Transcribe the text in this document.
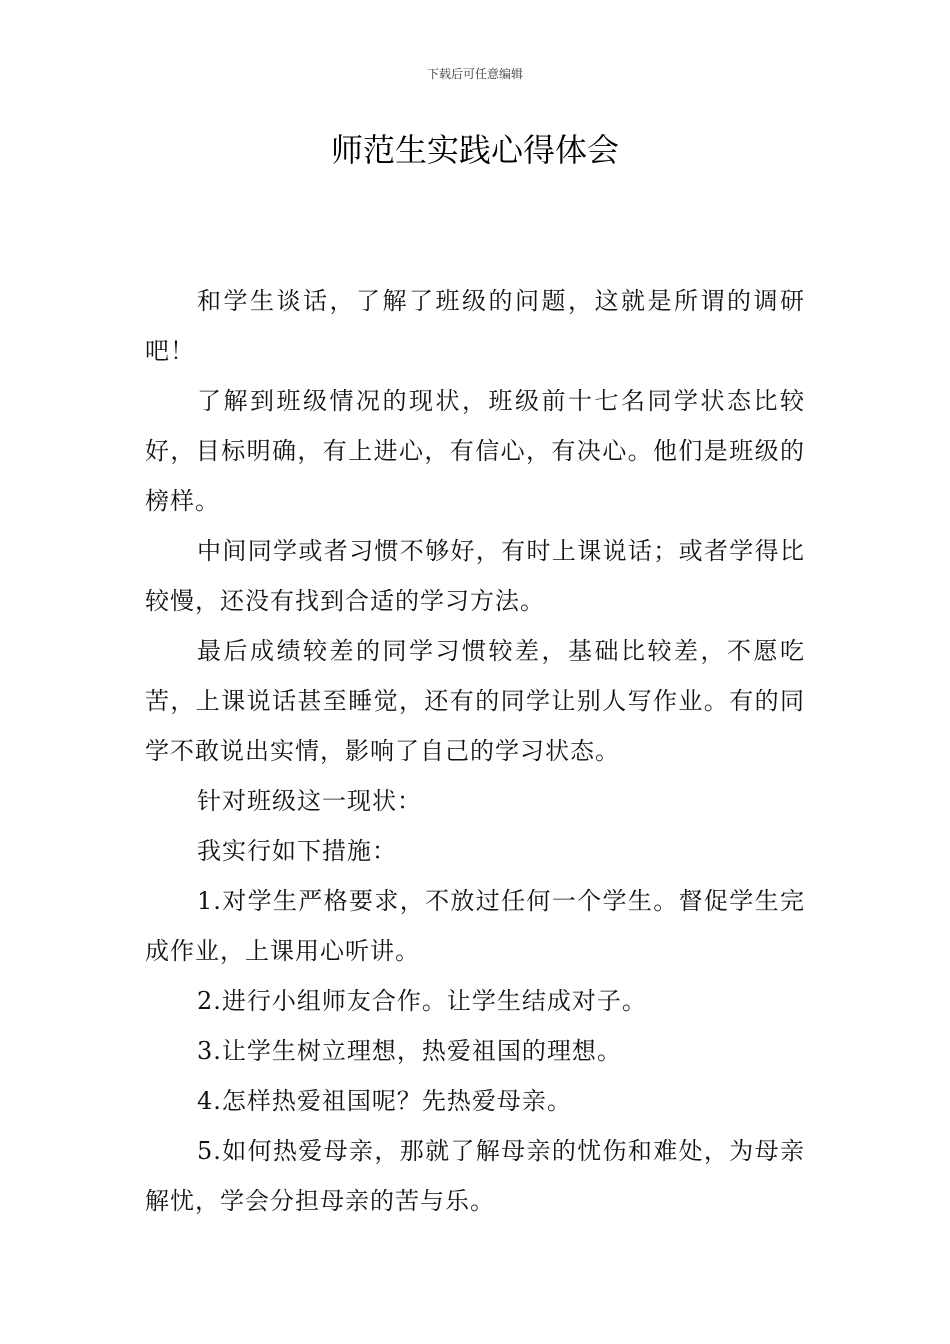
下载后可任意编辑
师范生实践心得体会

和学生谈话，了解了班级的问题，这就是所谓的调研吧！

了解到班级情况的现状，班级前十七名同学状态比较好，目标明确，有上进心，有信心，有决心。他们是班级的榜样。

中间同学或者习惯不够好，有时上课说话；或者学得比较慢，还没有找到合适的学习方法。

最后成绩较差的同学习惯较差，基础比较差，不愿吃苦，上课说话甚至睡觉，还有的同学让别人写作业。有的同学不敢说出实情，影响了自己的学习状态。

针对班级这一现状：

我实行如下措施：

1.对学生严格要求，不放过任何一个学生。督促学生完成作业，上课用心听讲。

2.进行小组师友合作。让学生结成对子。

3.让学生树立理想，热爱祖国的理想。

4.怎样热爱祖国呢？先热爱母亲。

5.如何热爱母亲，那就了解母亲的忧伤和难处，为母亲解忧，学会分担母亲的苦与乐。
